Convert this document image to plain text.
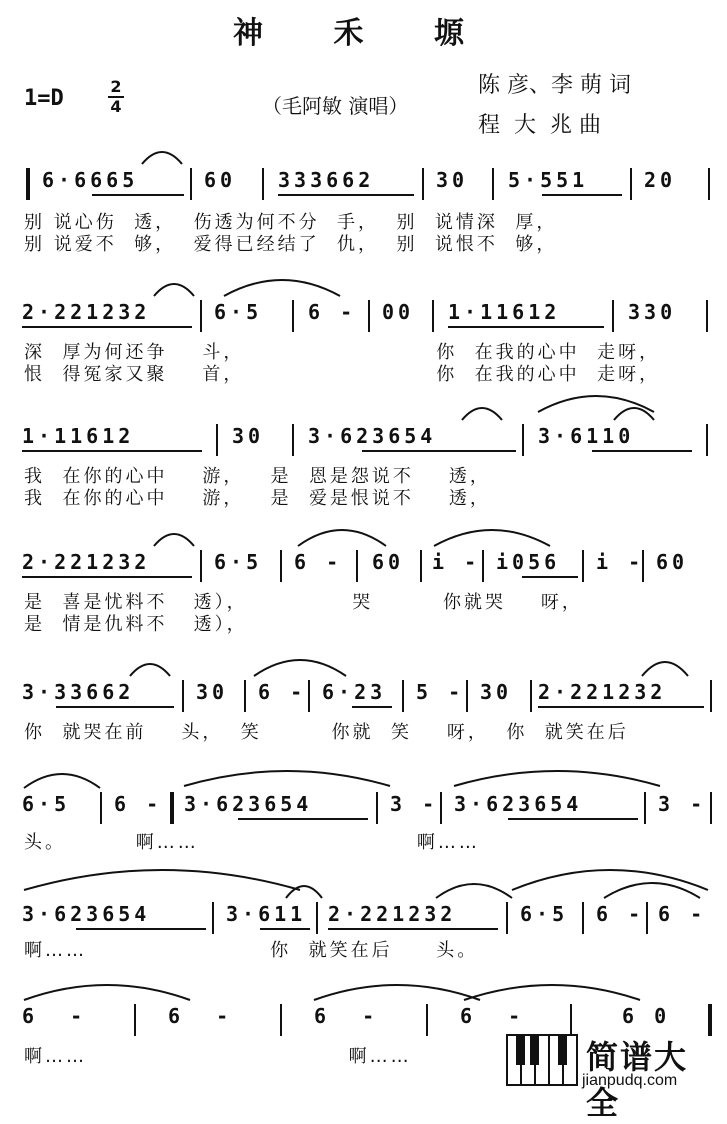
神 禾 塬
1=D	2
4	（毛阿敏 演唱）
陈 彦、李 萌 词
程  大  兆 曲
6·6665	60 333662	30 5·551	20
别 说心伤  透，  伤透为何不分  手，  别  说情深  厚，
别 说爱不  够，  爱得已经结了  仇，  别  说恨不  够，
2·221232	6·5 6 - 00 1·11612	330
深  厚为何还争    斗，                      你  在我的心中  走呀，
恨  得冤家又聚    首，                      你  在我的心中  走呀，
1·11612	30 3·623654	3·6110
我  在你的心中    游，   是  恩是怨说不    透，
我  在你的心中    游，   是  爱是恨说不    透，
2·221232	6·5 6 - 60 i - i056 i - 60
是  喜是忧料不   透），            哭        你就哭    呀，
是  情是仇料不   透），
3·33662	30 6 - 6·23 5 - 30 2·221232
你  就哭在前    头，  笑        你就  笑    呀，  你  就笑在后
6·5 6 - 3·623654	3 - 3·623654	3 -
头。        啊……                         啊……
3·623654	3·611 2·221232	6·5 6 - 6 -
啊……                     你  就笑在后     头。
6  -	6  -	6  -	6  -	6 0
啊……                              啊……	简谱大全
jianpudq.com
